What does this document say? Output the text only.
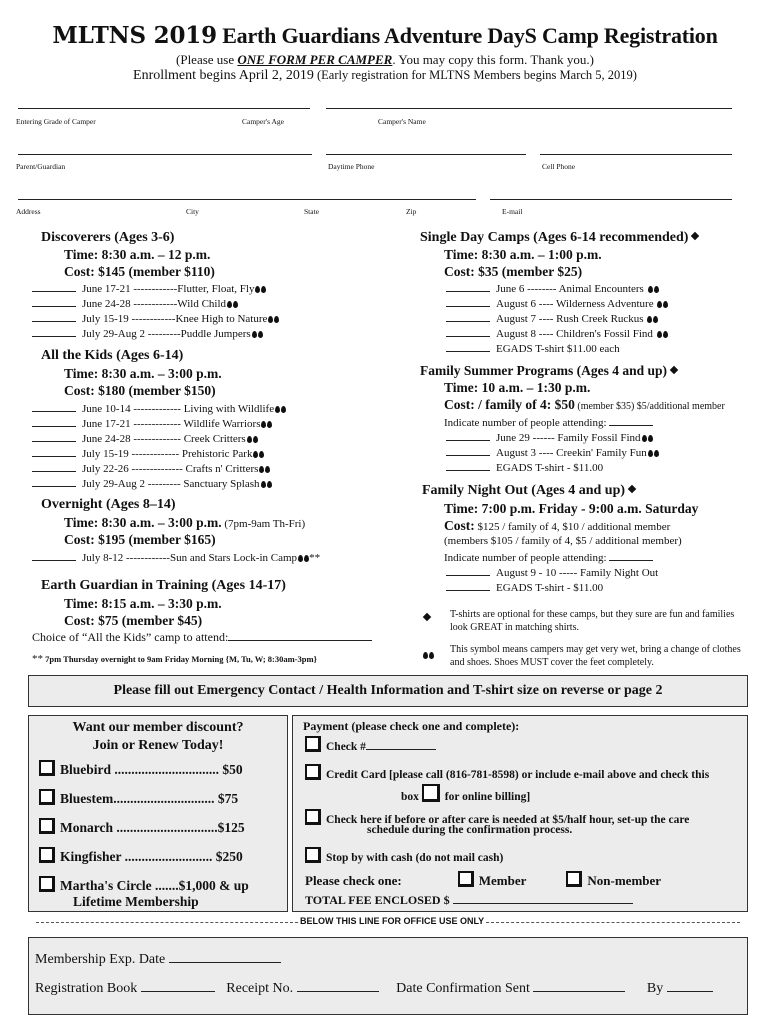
MLTNS 2019 Earth Guardians Adventure DayS Camp Registration
(Please use ONE FORM PER CAMPER. You may copy this form. Thank you.)
Enrollment begins April 2, 2019 (Early registration for MLTNS Members begins March 5, 2019)
Entering Grade of Camper	Camper's Age	Camper's Name
Parent/Guardian	Daytime Phone	Cell Phone
Address	City	State	Zip	E-mail
Discoverers (Ages 3-6)
Time: 8:30 a.m. – 12 p.m.
Cost: $145 (member $110)
June 17-21 ------------Flutter, Float, Fly
June 24-28 ------------Wild Child
July 15-19 ------------Knee High to Nature
July 29-Aug 2 ---------Puddle Jumpers
All the Kids (Ages 6-14)
Time: 8:30 a.m. – 3:00 p.m.
Cost: $180 (member $150)
June 10-14 ------------- Living with Wildlife
June 17-21 ------------- Wildlife Warriors
June 24-28 ------------- Creek Critters
July 15-19 ------------- Prehistoric Park
July 22-26 -------------- Crafts n' Critters
July 29-Aug 2 --------- Sanctuary Splash
Overnight (Ages 8–14)
Time: 8:30 a.m. – 3:00 p.m. (7pm-9am Th-Fri)
Cost: $195 (member $165)
July 8-12 ------------Sun and Stars Lock-in Camp **
Earth Guardian in Training (Ages 14-17)
Time: 8:15 a.m. – 3:30 p.m.
Cost: $75 (member $45)
Choice of “All the Kids” camp to attend:
** 7pm Thursday overnight to 9am Friday Morning {M, Tu, W; 8:30am-3pm}
Single Day Camps (Ages 6-14 recommended)
Time: 8:30 a.m. – 1:00 p.m.
Cost: $35 (member $25)
June 6 -------- Animal Encounters
August 6 ---- Wilderness Adventure
August 7 ---- Rush Creek Ruckus
August 8 ---- Children's Fossil Find
EGADS T-shirt $11.00 each
Family Summer Programs (Ages 4 and up)
Time: 10 a.m. – 1:30 p.m.
Cost: / family of 4: $50 (member $35) $5/additional member
Indicate number of people attending:
June 29 ------ Family Fossil Find
August 3 ---- Creekin' Family Fun
EGADS T-shirt - $11.00
Family Night Out (Ages 4 and up)
Time: 7:00 p.m. Friday - 9:00 a.m. Saturday
Cost: $125 / family of 4, $10 / additional member
(members $105 / family of 4, $5 / additional member)
Indicate number of people attending:
August 9 - 10 ----- Family Night Out
EGADS T-shirt - $11.00
T-shirts are optional for these camps, but they sure are fun and families look GREAT in matching shirts.
This symbol means campers may get very wet, bring a change of clothes and shoes. Shoes MUST cover the feet completely.
Please fill out Emergency Contact / Health Information and T-shirt size on reverse or page 2
Want our member discount?
Join or Renew Today!
Bluebird ............................... $50
Bluestem.............................. $75
Monarch ..............................$125
Kingfisher .......................... $250
Martha's Circle .......$1,000 & up
Lifetime Membership
Payment (please check one and complete):
Check #
Credit Card [please call (816-781-8598) or include e-mail above and check this
box for online billing]
Check here if before or after care is needed at $5/half hour, set-up the care
schedule during the confirmation process.
Stop by with cash (do not mail cash)
Please check one:	Member	Non-member
TOTAL FEE ENCLOSED $
BELOW THIS LINE FOR OFFICE USE ONLY
Membership Exp. Date
Registration Book	Receipt No.	Date Confirmation Sent	By
